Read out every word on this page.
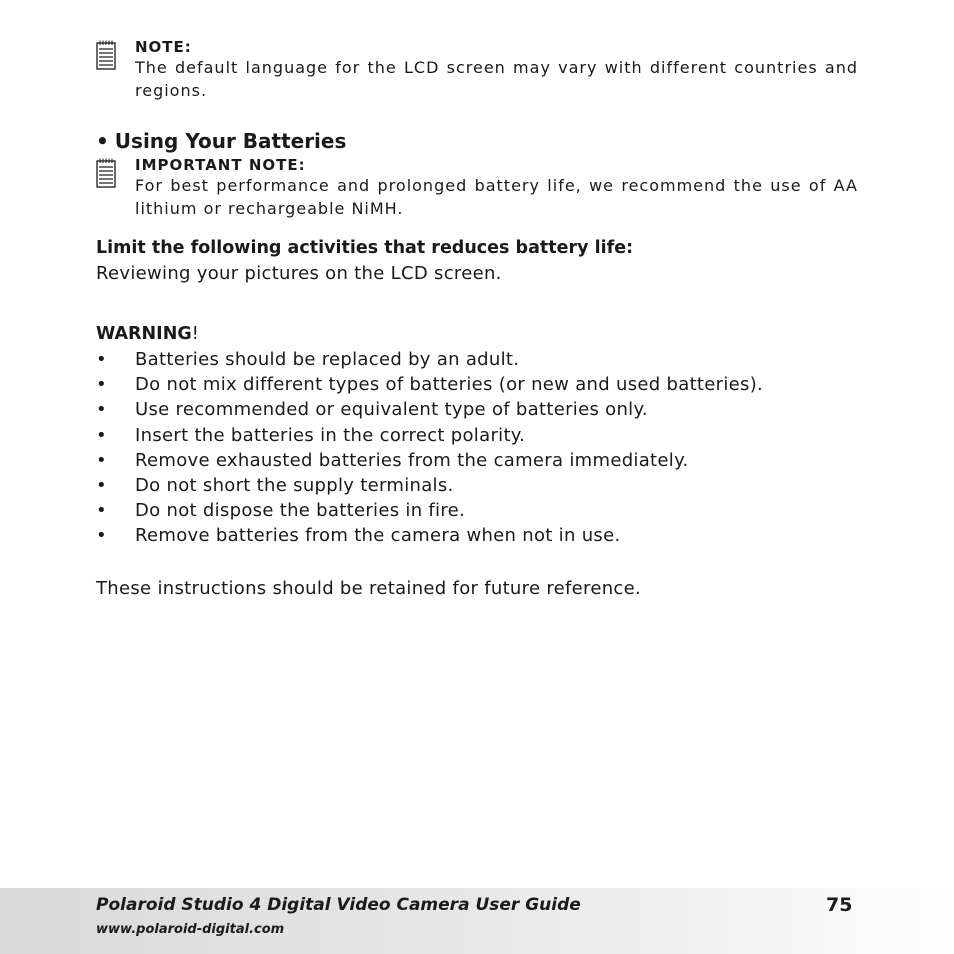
NOTE:
The default language for the LCD screen may vary with different countries and regions.
• Using Your Batteries
IMPORTANT NOTE:
For best performance and prolonged battery life, we recommend the use of AA lithium or rechargeable NiMH.
Limit the following activities that reduces battery life:
Reviewing your pictures on the LCD screen.
WARNING!
• Batteries should be replaced by an adult.
• Do not mix different types of batteries (or new and used batteries).
• Use recommended or equivalent type of batteries only.
• Insert the batteries in the correct polarity.
• Remove exhausted batteries from the camera immediately.
• Do not short the supply terminals.
• Do not dispose the batteries in fire.
• Remove batteries from the camera when not in use.
These instructions should be retained for future reference.
Polaroid Studio 4 Digital Video Camera User Guide
www.polaroid-digital.com
75
